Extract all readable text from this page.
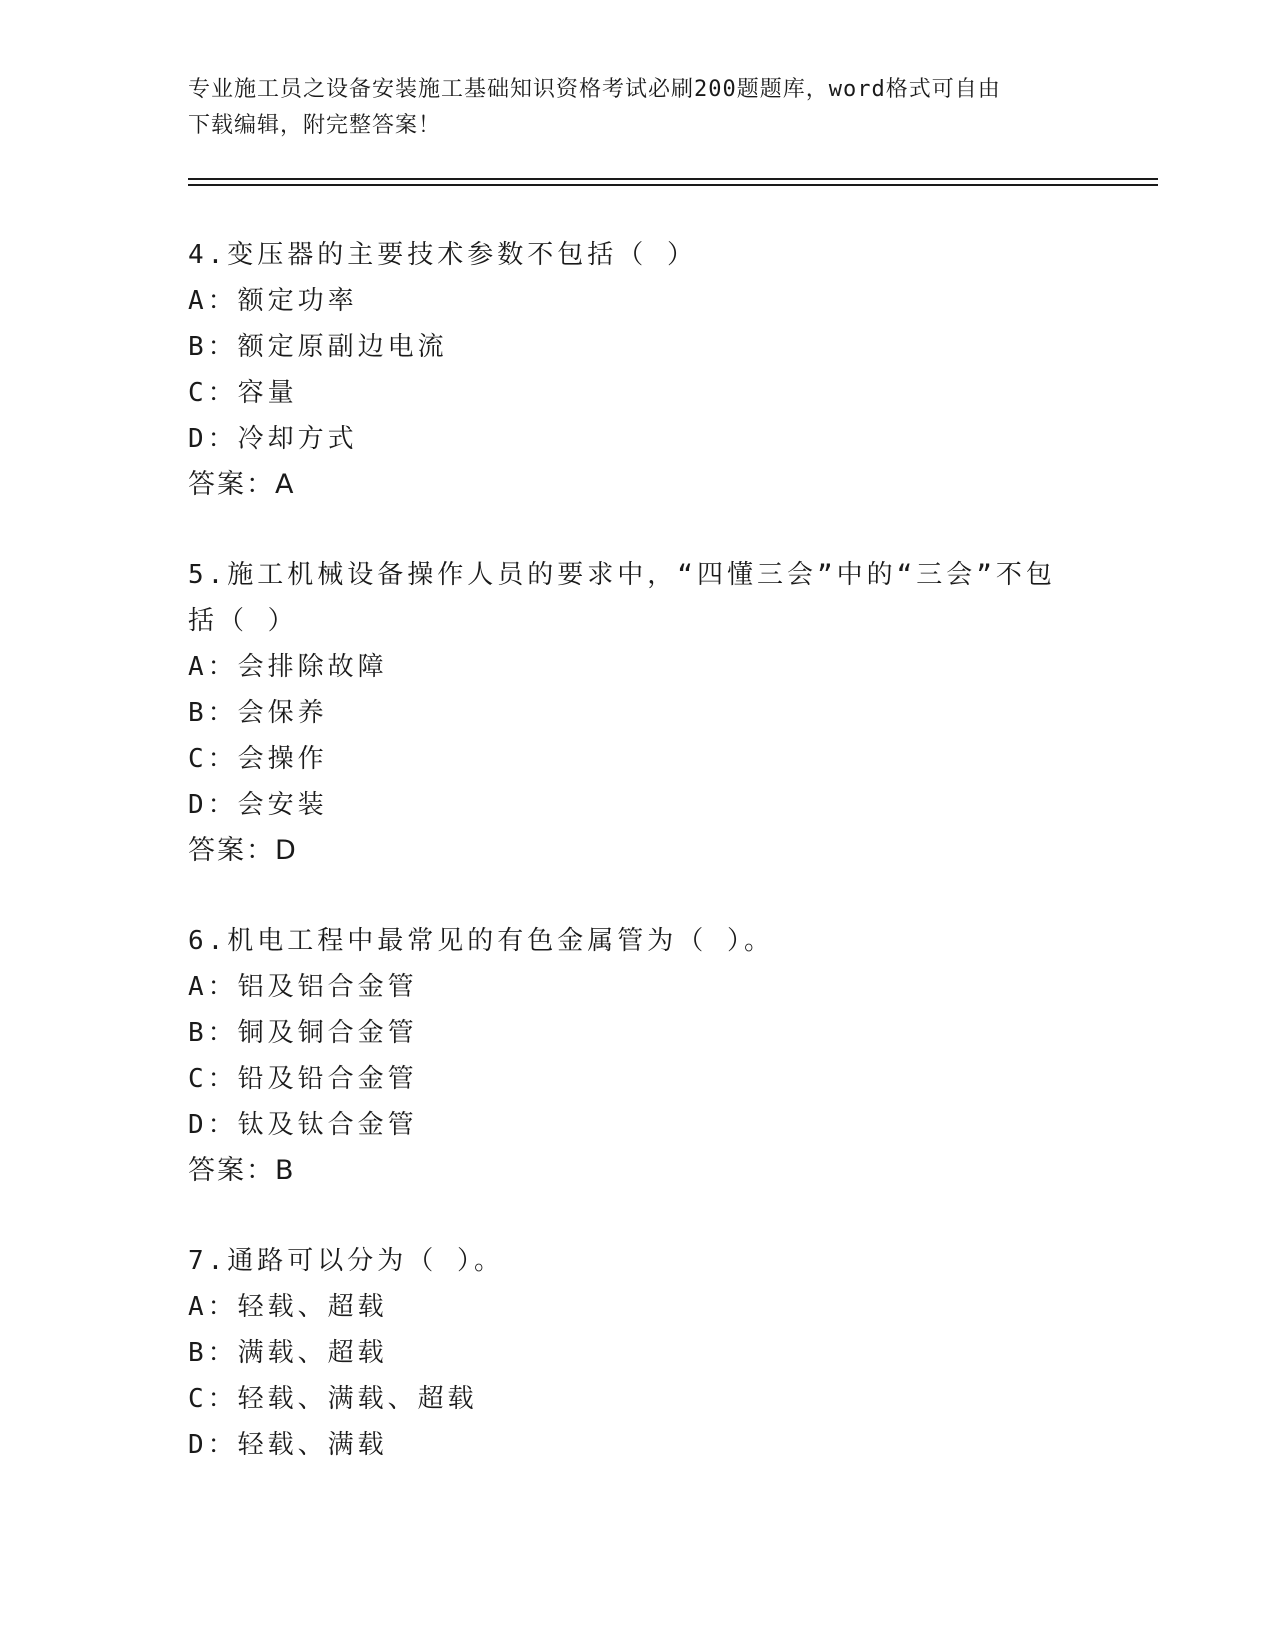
专业施工员之设备安装施工基础知识资格考试必刷200题题库，word格式可自由
下载编辑，附完整答案！
4.变压器的主要技术参数不包括（ ）
A：额定功率
B：额定原副边电流
C：容量
D：冷却方式
答案：A
5.施工机械设备操作人员的要求中，“四懂三会”中的“三会”不包
括（ ）
A：会排除故障
B：会保养
C：会操作
D：会安装
答案：D
6.机电工程中最常见的有色金属管为（ ）。
A：铝及铝合金管
B：铜及铜合金管
C：铅及铅合金管
D：钛及钛合金管
答案：B
7.通路可以分为（ ）。
A：轻载、超载
B：满载、超载
C：轻载、满载、超载
D：轻载、满载
